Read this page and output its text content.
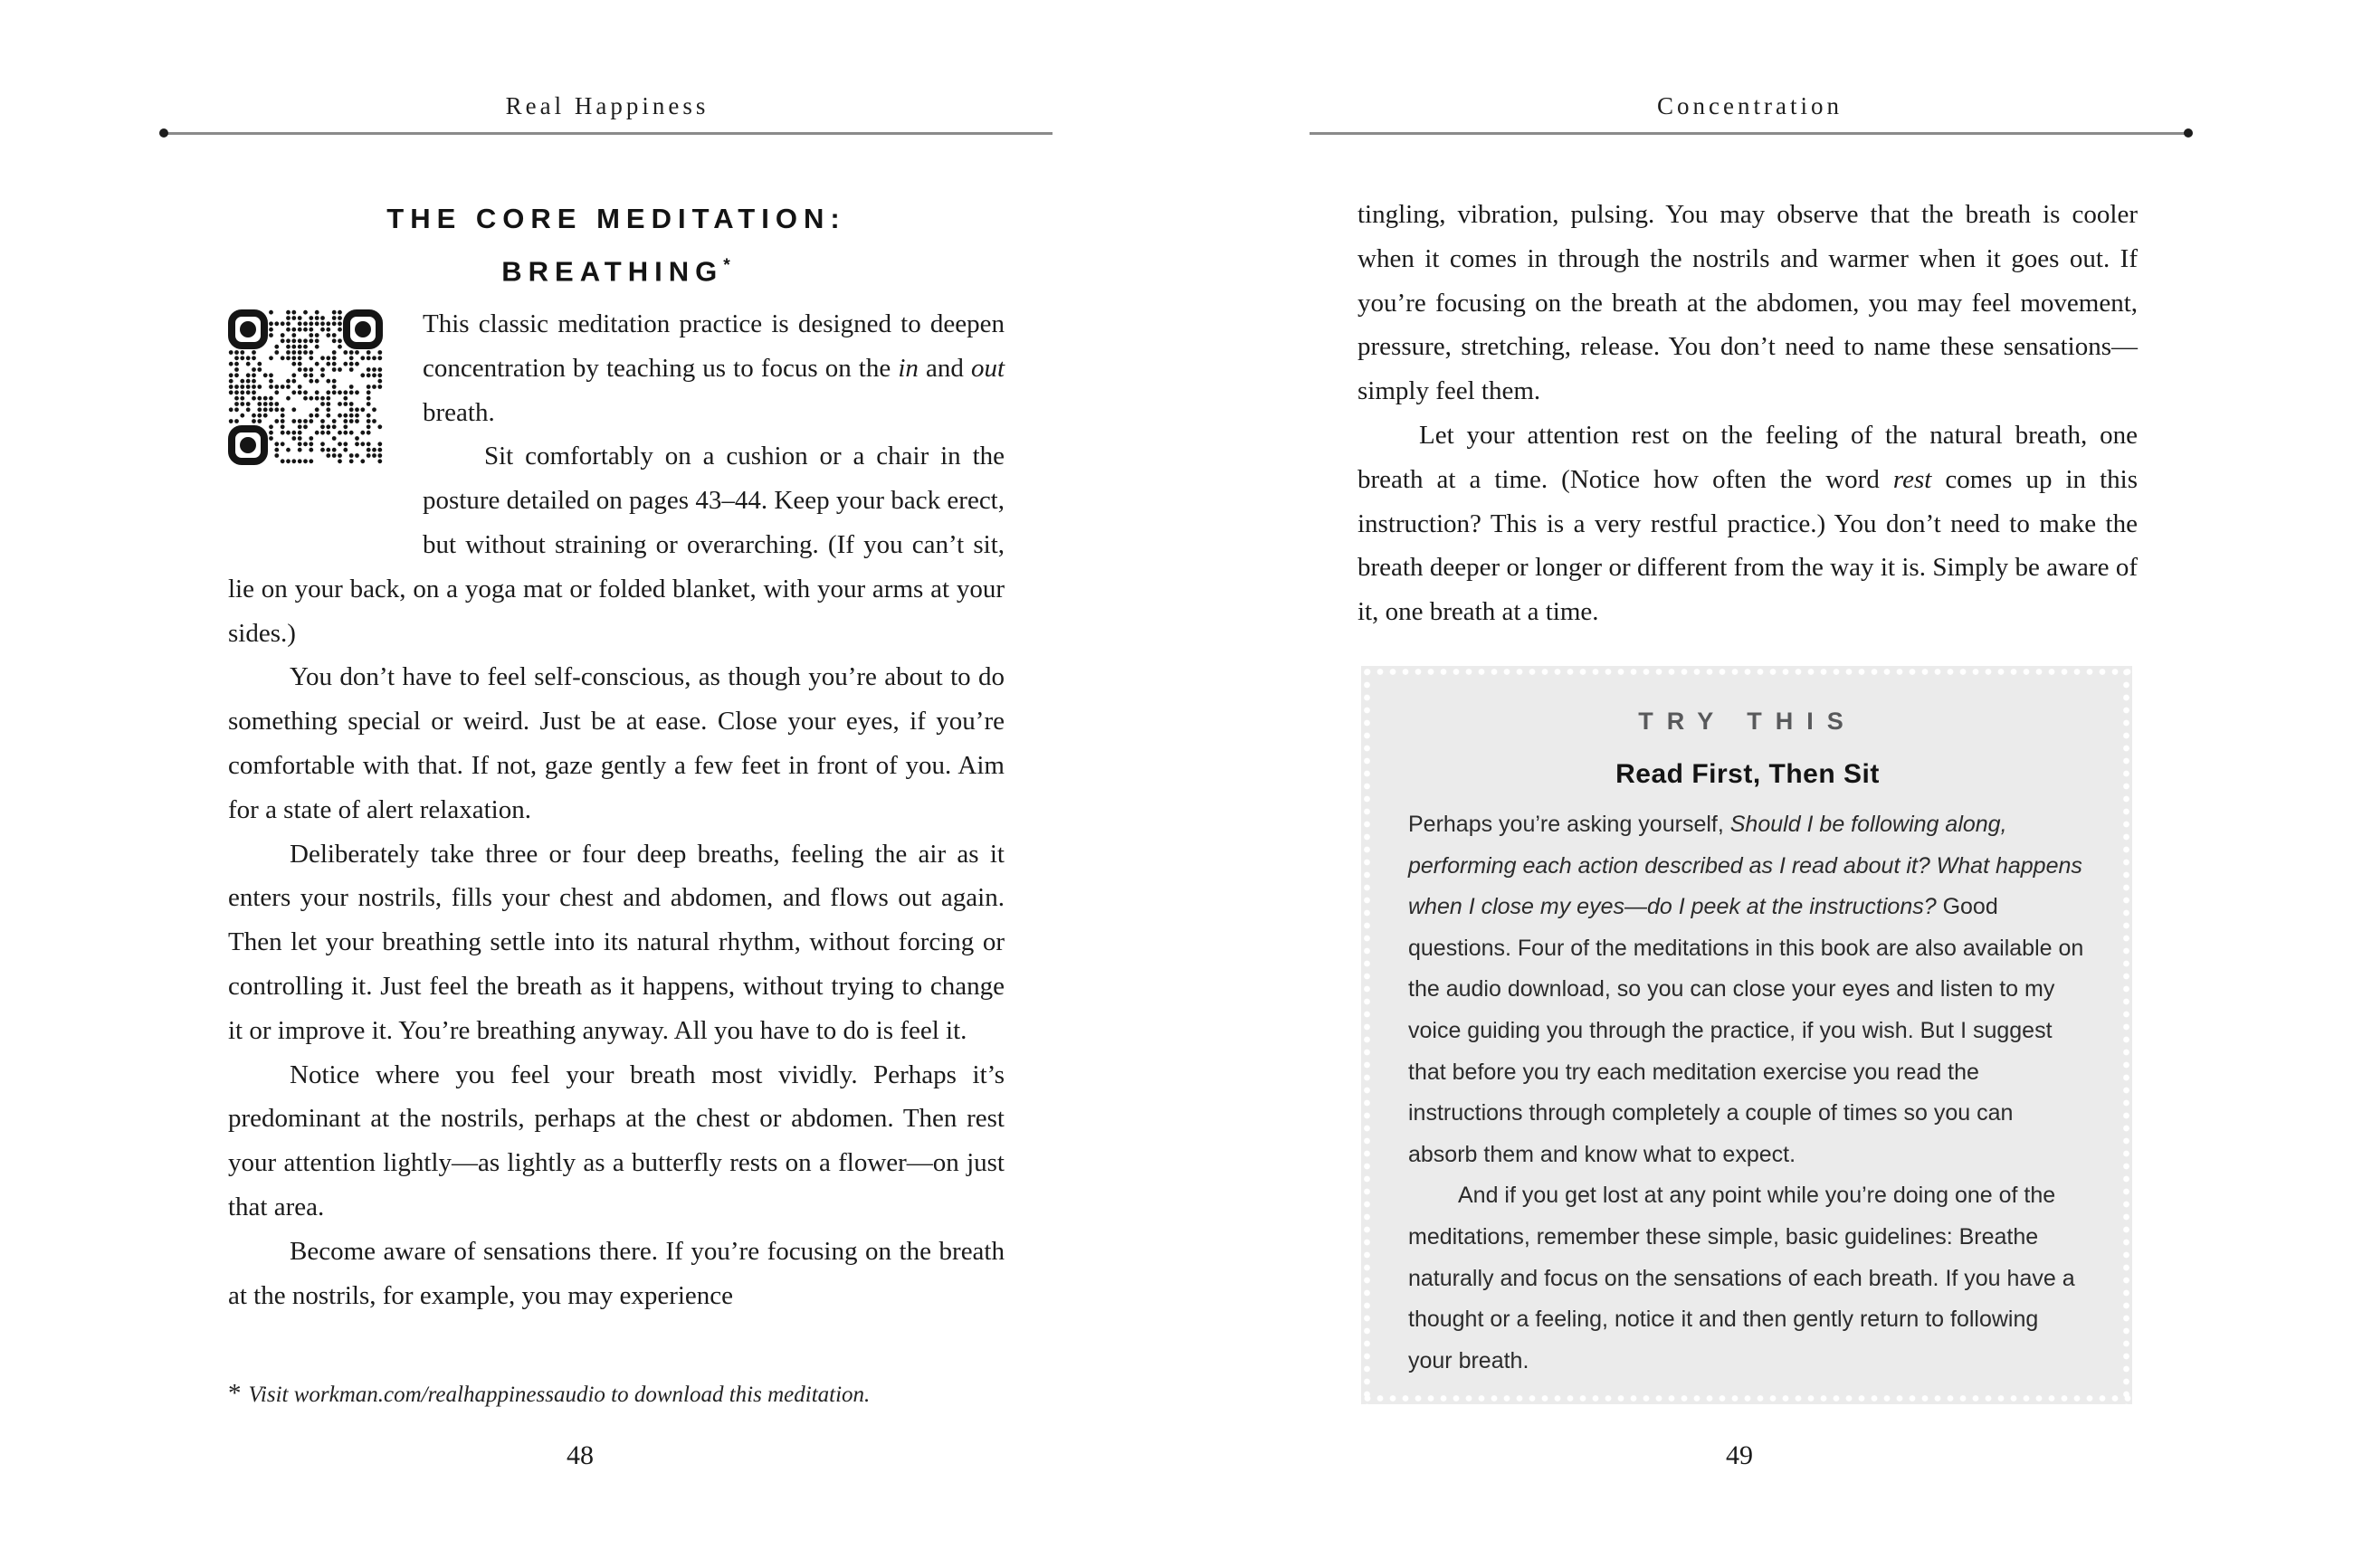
Real Happiness
THE CORE MEDITATION:
BREATHING*

This classic meditation practice is designed to deepen concentration by teaching us to focus on the in and out breath.

Sit comfortably on a cushion or a chair in the posture detailed on pages 43–44. Keep your back erect, but without straining or overarching. (If you can’t sit, lie on your back, on a yoga mat or folded blanket, with your arms at your sides.)

You don’t have to feel self-conscious, as though you’re about to do something special or weird. Just be at ease. Close your eyes, if you’re comfortable with that. If not, gaze gently a few feet in front of you. Aim for a state of alert relaxation.

Deliberately take three or four deep breaths, feeling the air as it enters your nostrils, fills your chest and abdomen, and flows out again. Then let your breathing settle into its natural rhythm, without forcing or controlling it. Just feel the breath as it happens, without trying to change it or improve it. You’re breathing anyway. All you have to do is feel it.

Notice where you feel your breath most vividly. Perhaps it’s predominant at the nostrils, perhaps at the chest or abdomen. Then rest your attention lightly—as lightly as a butterfly rests on a flower—on just that area.

Become aware of sensations there. If you’re focusing on the breath at the nostrils, for example, you may experience

* Visit workman.com/realhappinessaudio to download this meditation.
48
Concentration

tingling, vibration, pulsing. You may observe that the breath is cooler when it comes in through the nostrils and warmer when it goes out. If you’re focusing on the breath at the abdomen, you may feel movement, pressure, stretching, release. You don’t need to name these sensations—simply feel them.

Let your attention rest on the feeling of the natural breath, one breath at a time. (Notice how often the word rest comes up in this instruction? This is a very restful practice.) You don’t need to make the breath deeper or longer or different from the way it is. Simply be aware of it, one breath at a time.

TRY THIS

Read First, Then Sit

Perhaps you’re asking yourself, Should I be following along, performing each action described as I read about it? What happens when I close my eyes—do I peek at the instructions? Good questions. Four of the meditations in this book are also available on the audio download, so you can close your eyes and listen to my voice guiding you through the practice, if you wish. But I suggest that before you try each meditation exercise you read the instructions through completely a couple of times so you can absorb them and know what to expect.

And if you get lost at any point while you’re doing one of the meditations, remember these simple, basic guidelines: Breathe naturally and focus on the sensations of each breath. If you have a thought or a feeling, notice it and then gently return to following your breath.

49
